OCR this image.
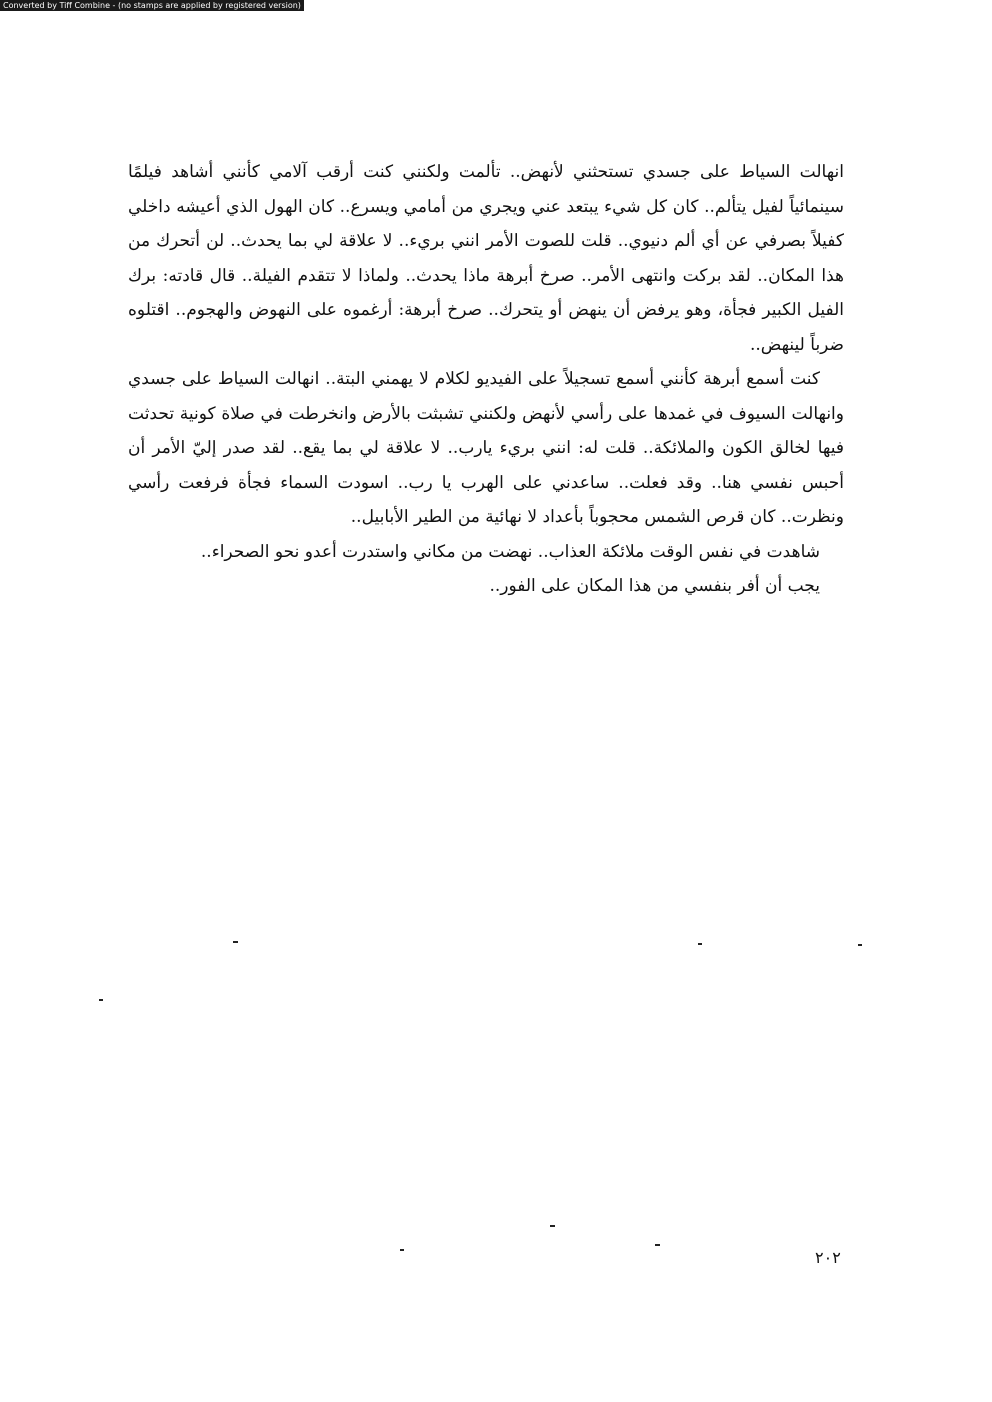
Converted by Tiff Combine - (no stamps are applied by registered version)

انهالت السياط على جسدي تستحثني لأنهض.. تألمت ولكنني كنت أرقب آلامي كأنني أشاهد فيلمًا سينمائياً لفيل يتألم.. كان كل شيء يبتعد عني ويجري من أمامي ويسرع.. كان الهول الذي أعيشه داخلي كفيلاً بصرفي عن أي ألم دنيوي.. قلت للصوت الأمر انني بريء.. لا علاقة لي بما يحدث.. لن أتحرك من هذا المكان.. لقد بركت وانتهى الأمر.. صرخ أبرهة ماذا يحدث.. ولماذا لا تتقدم الفيلة.. قال قادته: برك الفيل الكبير فجأة، وهو يرفض أن ينهض أو يتحرك.. صرخ أبرهة: أرغموه على النهوض والهجوم.. اقتلوه ضرباً لينهض..

كنت أسمع أبرهة كأنني أسمع تسجيلاً على الفيديو لكلام لا يهمني البتة.. انهالت السياط على جسدي وانهالت السيوف في غمدها على رأسي لأنهض ولكنني تشبثت بالأرض وانخرطت في صلاة كونية تحدثت فيها لخالق الكون والملائكة.. قلت له: انني بريء يارب.. لا علاقة لي بما يقع.. لقد صدر إليّ الأمر أن أحبس نفسي هنا.. وقد فعلت.. ساعدني على الهرب يا رب.. اسودت السماء فجأة فرفعت رأسي ونظرت.. كان قرص الشمس محجوباً بأعداد لا نهائية من الطير الأبابيل..

شاهدت في نفس الوقت ملائكة العذاب.. نهضت من مكاني واستدرت أعدو نحو الصحراء..

يجب أن أفر بنفسي من هذا المكان على الفور..

٢٠٢
